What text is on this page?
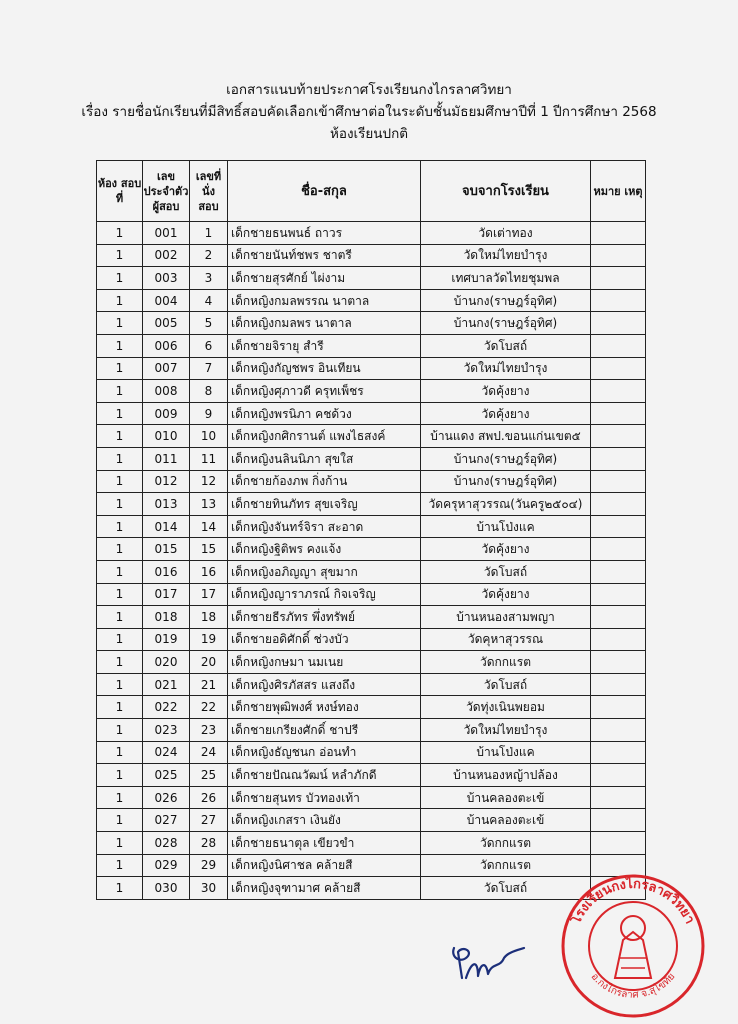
เอกสารแนบท้ายประกาศโรงเรียนกงไกรลาศวิทยา
เรื่อง รายชื่อนักเรียนที่มีสิทธิ์สอบคัดเลือกเข้าศึกษาต่อในระดับชั้นมัธยมศึกษาปีที่ 1 ปีการศึกษา 2568
ห้องเรียนปกติ
ห้อง สอบที่	เลข ประจำตัว ผู้สอบ	เลขที่ นั่ง สอบ	ชื่อ-สกุล	จบจากโรงเรียน	หมาย เหตุ
1	001	1	เด็กชายธนพนธ์ ถาวร	วัดเต่าทอง	
1	002	2	เด็กชายนันท์ชพร ชาตรี	วัดใหม่ไทยบำรุง	
1	003	3	เด็กชายสุรศักย์ ไผ่งาม	เทศบาลวัดไทยชุมพล	
1	004	4	เด็กหญิงกมลพรรณ นาตาล	บ้านกง(ราษฎร์อุทิศ)	
1	005	5	เด็กหญิงกมลพร นาตาล	บ้านกง(ราษฎร์อุทิศ)	
1	006	6	เด็กชายจิรายุ สำรี	วัดโบสถ์	
1	007	7	เด็กหญิงกัญชพร อินเทียน	วัดใหม่ไทยบำรุง	
1	008	8	เด็กหญิงศุภาวดี ครุทเพ็ชร	วัดคุ้งยาง	
1	009	9	เด็กหญิงพรนิภา คชด้วง	วัดคุ้งยาง	
1	010	10	เด็กหญิงกศิกรานต์ แพงไธสงค์	บ้านแดง สพป.ขอนแก่นเขต๕	
1	011	11	เด็กหญิงนลินนิภา สุขใส	บ้านกง(ราษฎร์อุทิศ)	
1	012	12	เด็กชายก้องภพ กิ่งก้าน	บ้านกง(ราษฎร์อุทิศ)	
1	013	13	เด็กชายทินภัทร สุขเจริญ	วัดครุหาสุวรรณ(วันครู๒๕๐๔)	
1	014	14	เด็กหญิงจันทร์จิรา สะอาด	บ้านโป่งแค	
1	015	15	เด็กหญิงฐิติพร คงแจ้ง	วัดคุ้งยาง	
1	016	16	เด็กหญิงอภิญญา สุขมาก	วัดโบสถ์	
1	017	17	เด็กหญิงญาราภรณ์ กิจเจริญ	วัดคุ้งยาง	
1	018	18	เด็กชายธีรภัทร พึ่งทรัพย์	บ้านหนองสามพญา	
1	019	19	เด็กชายอดิศักดิ์ ช่วงบัว	วัดคุหาสุวรรณ	
1	020	20	เด็กหญิงกษมา นมเนย	วัดกกแรต	
1	021	21	เด็กหญิงศิรภัสสร แสงถึง	วัดโบสถ์	
1	022	22	เด็กชายพุฒิพงศ์ หงษ์ทอง	วัดทุ่งเนินพยอม	
1	023	23	เด็กชายเกรียงศักดิ์ ชาปรี	วัดใหม่ไทยบำรุง	
1	024	24	เด็กหญิงธัญชนก อ่อนทำ	บ้านโป่งแค	
1	025	25	เด็กชายปัณณวัฒน์ หลำภักดี	บ้านหนองหญ้าปล้อง	
1	026	26	เด็กชายสุนทร บัวทองเท้า	บ้านคลองตะเข้	
1	027	27	เด็กหญิงเกสรา เงินยัง	บ้านคลองตะเข้	
1	028	28	เด็กชายธนาตุล เขียวขำ	วัดกกแรต	
1	029	29	เด็กหญิงนิศาชล คล้ายสี	วัดกกแรต	
1	030	30	เด็กหญิงจุฑามาศ คล้ายสี	วัดโบสถ์	
โรงเรียนกงไกรลาศวิทยา
อ.กงไกรลาศ จ.สุโขทัย
